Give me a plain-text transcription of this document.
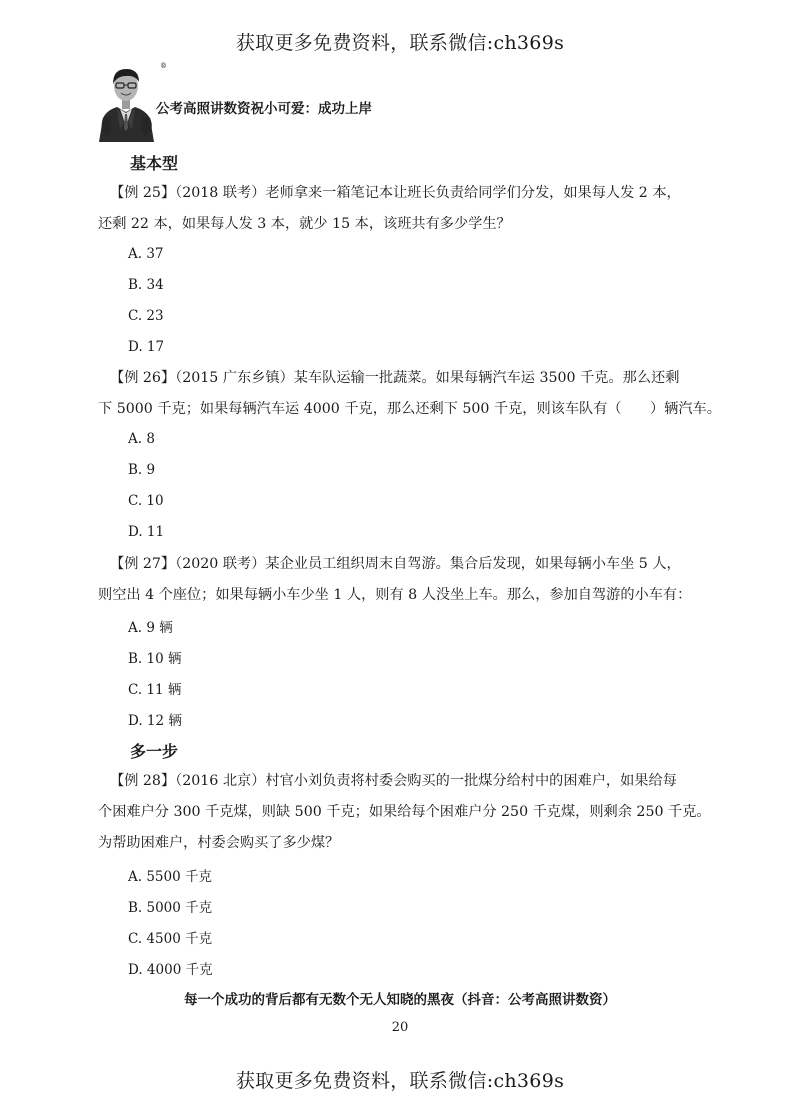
获取更多免费资料，联系微信:ch369s
®
公考高照讲数资祝小可爱：成功上岸
基本型
【例 25】（2018 联考）老师拿来一箱笔记本让班长负责给同学们分发，如果每人发 2 本，
还剩 22 本，如果每人发 3 本，就少 15 本，该班共有多少学生？
A. 37
B. 34
C. 23
D. 17
【例 26】（2015 广东乡镇）某车队运输一批蔬菜。如果每辆汽车运 3500 千克。那么还剩
下 5000 千克；如果每辆汽车运 4000 千克，那么还剩下 500 千克，则该车队有（　　）辆汽车。
A. 8
B. 9
C. 10
D. 11
【例 27】（2020 联考）某企业员工组织周末自驾游。集合后发现，如果每辆小车坐 5 人，
则空出 4 个座位；如果每辆小车少坐 1 人，则有 8 人没坐上车。那么，参加自驾游的小车有：
A. 9 辆
B. 10 辆
C. 11 辆
D. 12 辆
多一步
【例 28】（2016 北京）村官小刘负责将村委会购买的一批煤分给村中的困难户，如果给每
个困难户分 300 千克煤，则缺 500 千克；如果给每个困难户分 250 千克煤，则剩余 250 千克。
为帮助困难户，村委会购买了多少煤？
A. 5500 千克
B. 5000 千克
C. 4500 千克
D. 4000 千克
每一个成功的背后都有无数个无人知晓的黑夜（抖音：公考高照讲数资）
20
获取更多免费资料，联系微信:ch369s
